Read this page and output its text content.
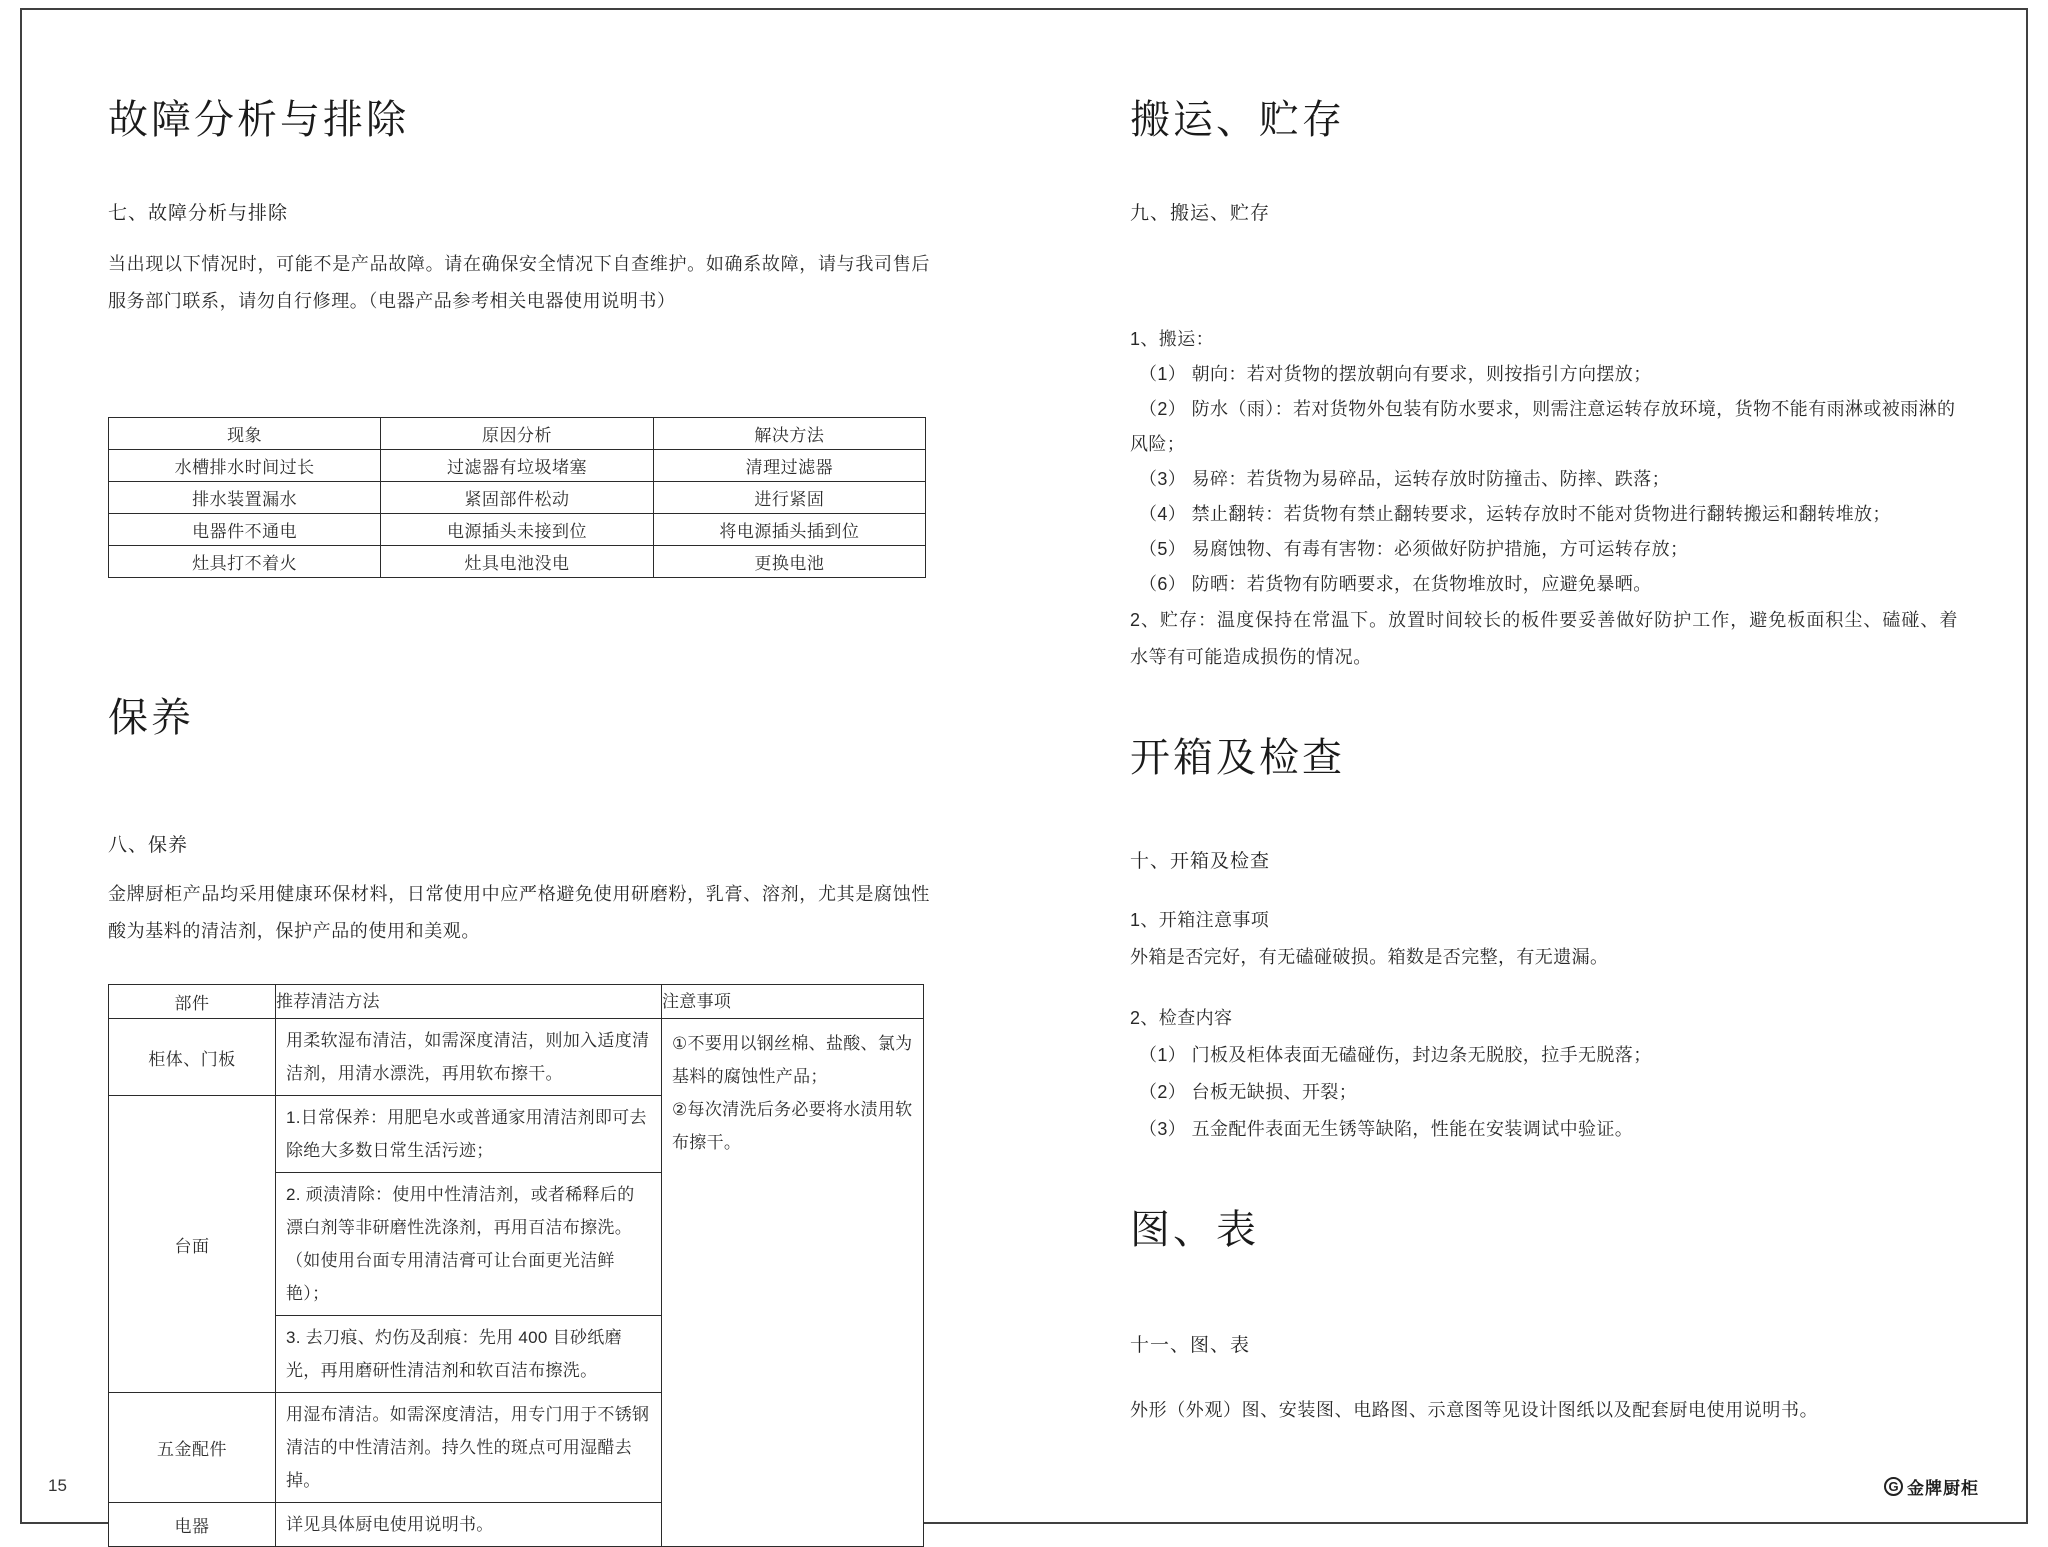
故障分析与排除
七、故障分析与排除
当出现以下情况时，可能不是产品故障。请在确保安全情况下自查维护。如确系故障，请与我司售后服务部门联系，请勿自行修理。（电器产品参考相关电器使用说明书）
现象	原因分析	解决方法
水槽排水时间过长	过滤器有垃圾堵塞	清理过滤器
排水装置漏水	紧固部件松动	进行紧固
电器件不通电	电源插头未接到位	将电源插头插到位
灶具打不着火	灶具电池没电	更换电池
保养
八、保养
金牌厨柜产品均采用健康环保材料，日常使用中应严格避免使用研磨粉，乳膏、溶剂，尤其是腐蚀性酸为基料的清洁剂，保护产品的使用和美观。
部件	推荐清洁方法	注意事项
柜体、门板	用柔软湿布清洁，如需深度清洁，则加入适度清洁剂，用清水漂洗，再用软布擦干。	①不要用以钢丝棉、盐酸、氯为基料的腐蚀性产品；
②每次清洗后务必要将水渍用软布擦干。

台面	1.日常保养：用肥皂水或普通家用清洁剂即可去除绝大多数日常生活污迹；	
	2. 顽渍清除：使用中性清洁剂，或者稀释后的漂白剂等非研磨性洗涤剂，再用百洁布擦洗。（如使用台面专用清洁膏可让台面更光洁鲜艳）；	
	3. 去刀痕、灼伤及刮痕：先用 400 目砂纸磨光，再用磨研性清洁剂和软百洁布擦洗。	
五金配件	用湿布清洁。如需深度清洁，用专门用于不锈钢清洁的中性清洁剂。持久性的斑点可用湿醋去掉。	
电器	详见具体厨电使用说明书。	
搬运、贮存
九、搬运、贮存
1、搬运：
（1） 朝向：若对货物的摆放朝向有要求，则按指引方向摆放；
（2） 防水（雨）：若对货物外包装有防水要求，则需注意运转存放环境，货物不能有雨淋或被雨淋的风险；
（3） 易碎：若货物为易碎品，运转存放时防撞击、防摔、跌落；
（4） 禁止翻转：若货物有禁止翻转要求，运转存放时不能对货物进行翻转搬运和翻转堆放；
（5） 易腐蚀物、有毒有害物：必须做好防护措施，方可运转存放；
（6） 防晒：若货物有防晒要求，在货物堆放时，应避免暴晒。
2、贮存：温度保持在常温下。放置时间较长的板件要妥善做好防护工作，避免板面积尘、磕碰、着水等有可能造成损伤的情况。
开箱及检查
十、开箱及检查
1、开箱注意事项
外箱是否完好，有无磕碰破损。箱数是否完整，有无遗漏。
2、检查内容
（1） 门板及柜体表面无磕碰伤，封边条无脱胶，拉手无脱落；
（2） 台板无缺损、开裂；
（3） 五金配件表面无生锈等缺陷，性能在安装调试中验证。
图、表
十一、图、表
外形（外观）图、安装图、电路图、示意图等见设计图纸以及配套厨电使用说明书。
15	G 金牌厨柜
